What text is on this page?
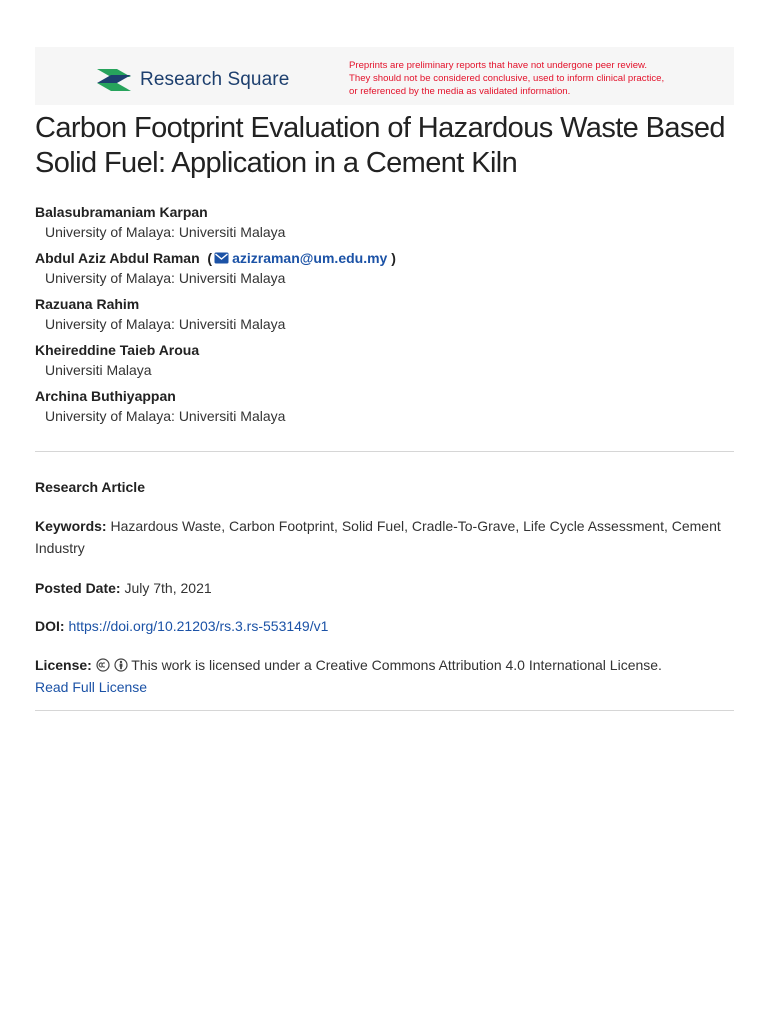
Research Square
Preprints are preliminary reports that have not undergone peer review.
They should not be considered conclusive, used to inform clinical practice,
or referenced by the media as validated information.
Carbon Footprint Evaluation of Hazardous Waste Based Solid Fuel: Application in a Cement Kiln
Balasubramaniam Karpan
University of Malaya: Universiti Malaya
Abdul Aziz Abdul Raman ( azizraman@um.edu.my )
University of Malaya: Universiti Malaya
Razuana Rahim
University of Malaya: Universiti Malaya
Kheireddine Taieb Aroua
Universiti Malaya
Archina Buthiyappan
University of Malaya: Universiti Malaya
Research Article
Keywords: Hazardous Waste, Carbon Footprint, Solid Fuel, Cradle-To-Grave, Life Cycle Assessment, Cement Industry
Posted Date: July 7th, 2021
DOI: https://doi.org/10.21203/rs.3.rs-553149/v1
License:	This work is licensed under a Creative Commons Attribution 4.0 International License.
Read Full License
